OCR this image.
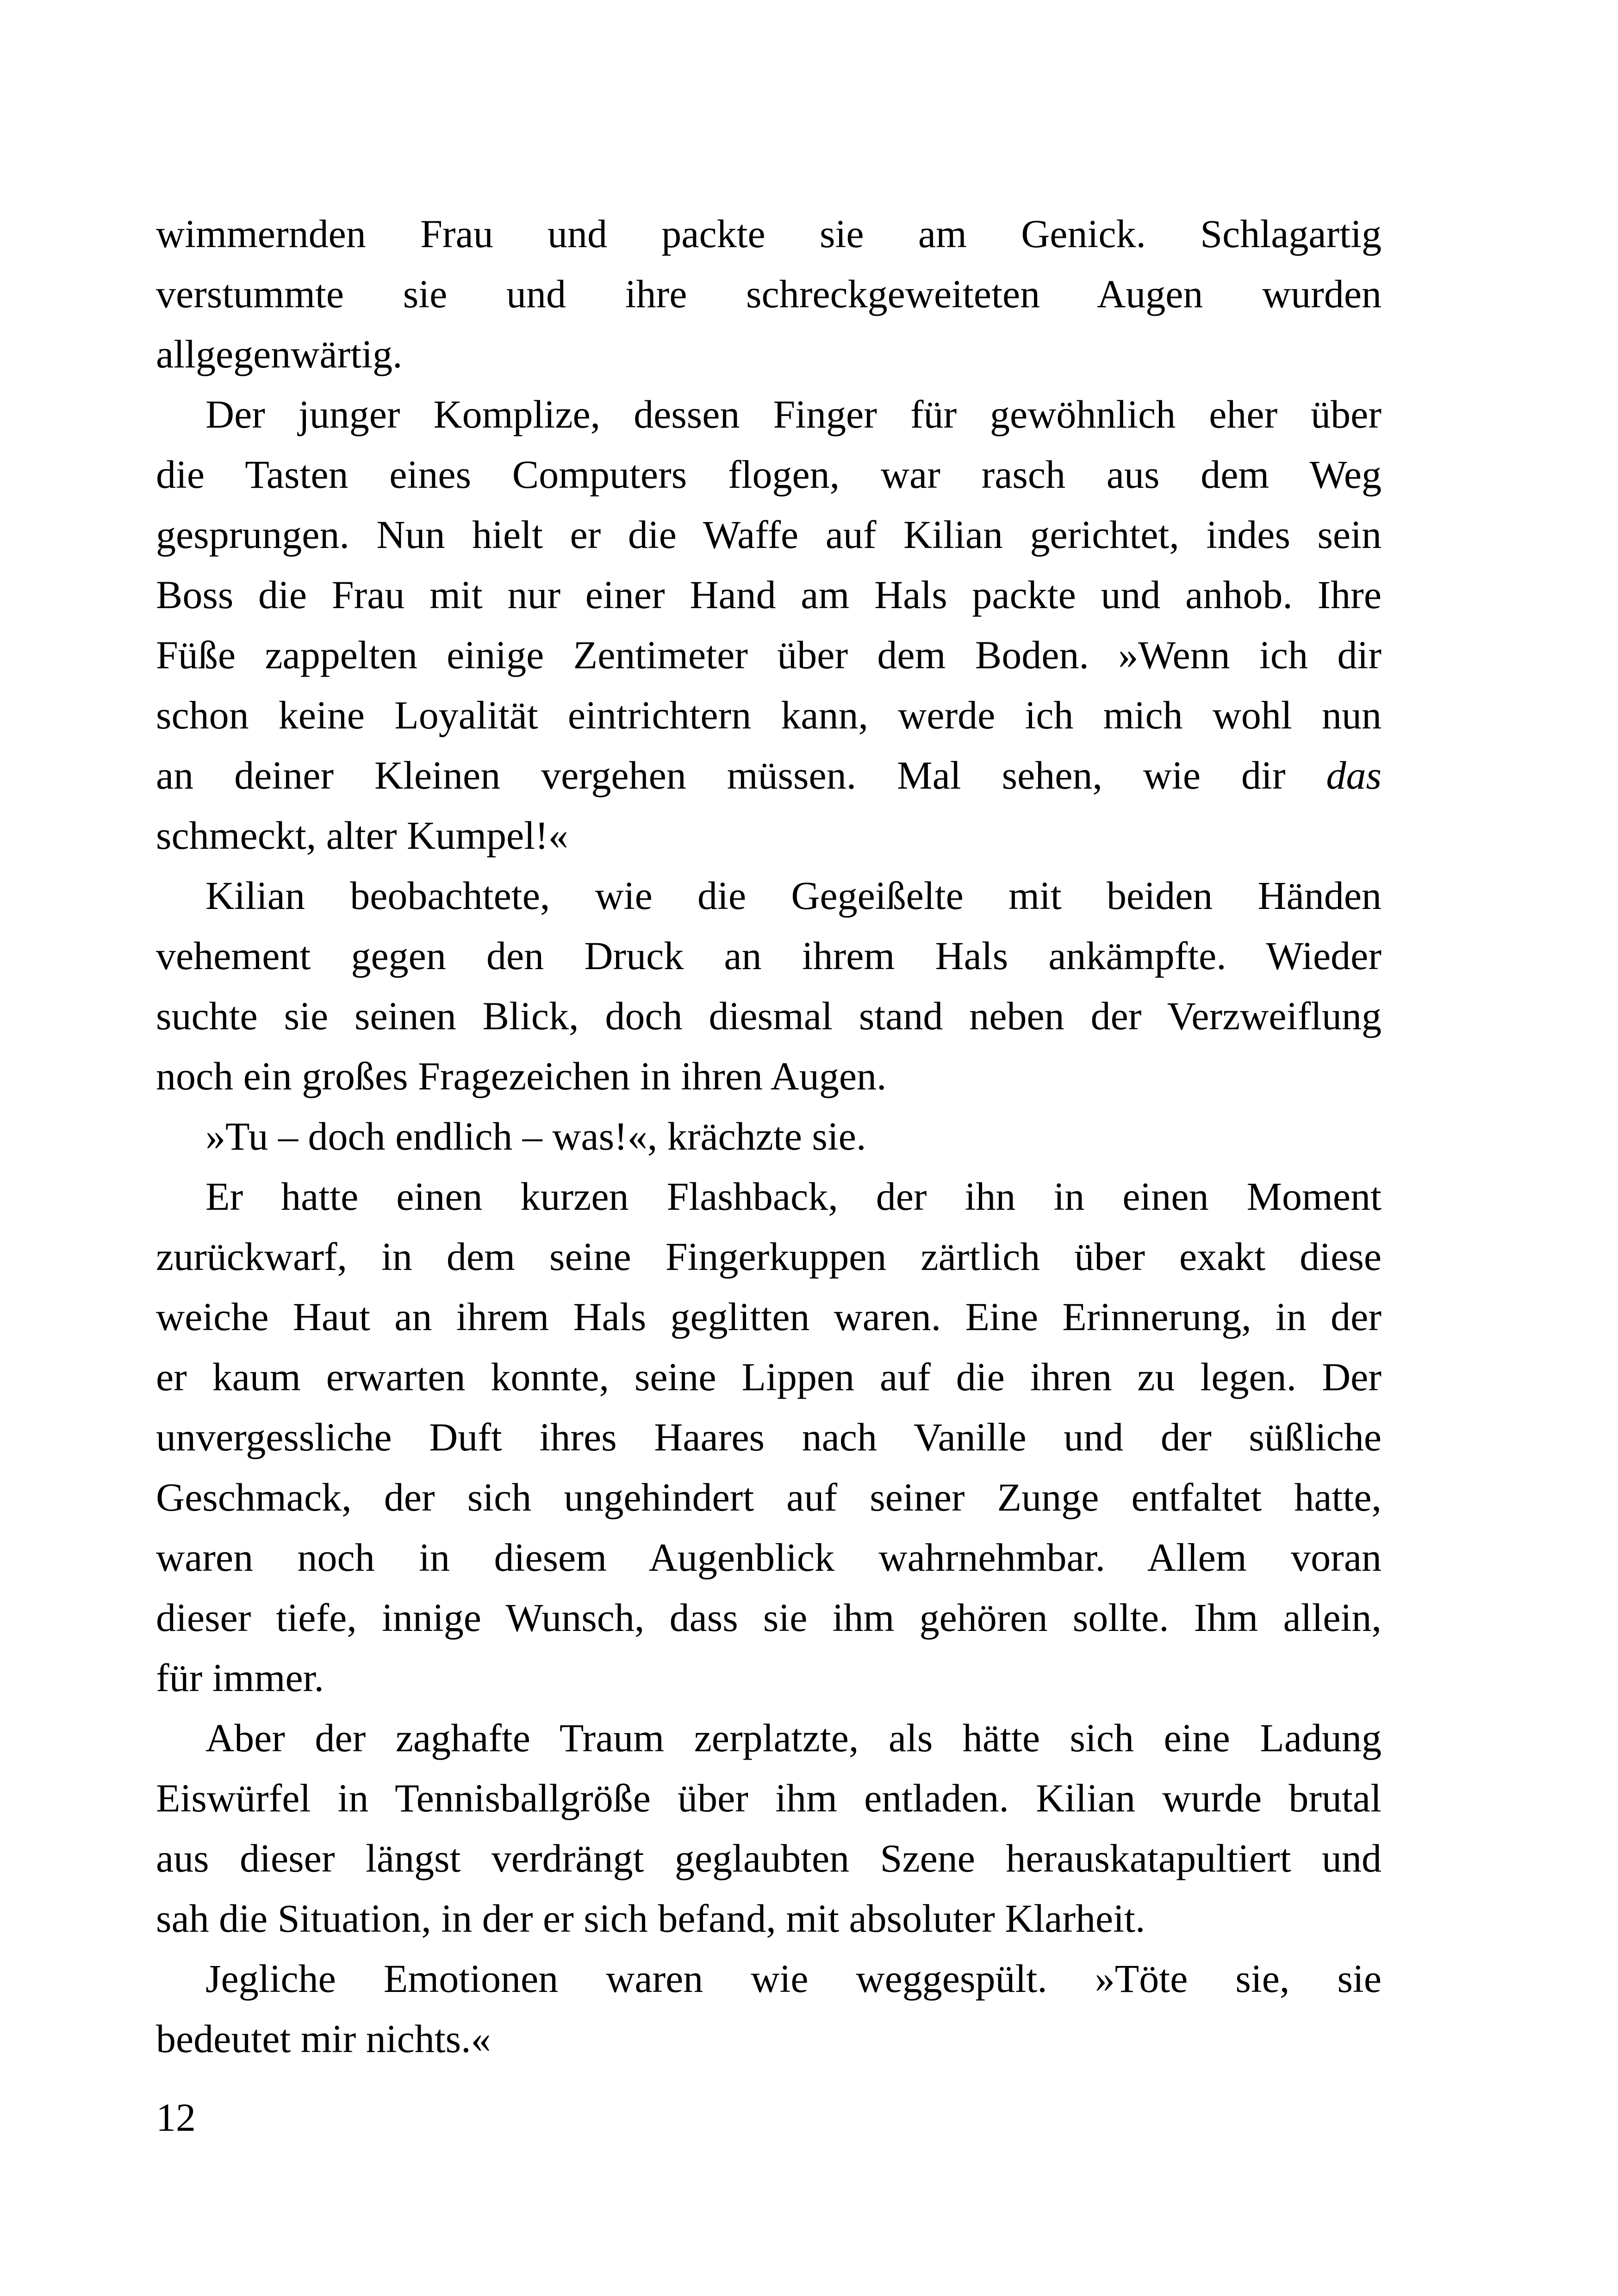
wimmernden Frau und packte sie am Genick. Schlagartig
verstummte sie und ihre schreckgeweiteten Augen wurden
allgegenwärtig.
Der junger Komplize, dessen Finger für gewöhnlich eher über
die Tasten eines Computers flogen, war rasch aus dem Weg
gesprungen. Nun hielt er die Waffe auf Kilian gerichtet, indes sein
Boss die Frau mit nur einer Hand am Hals packte und anhob. Ihre
Füße zappelten einige Zentimeter über dem Boden. »Wenn ich dir
schon keine Loyalität eintrichtern kann, werde ich mich wohl nun
an deiner Kleinen vergehen müssen. Mal sehen, wie dir das
schmeckt, alter Kumpel!«
Kilian beobachtete, wie die Gegeißelte mit beiden Händen
vehement gegen den Druck an ihrem Hals ankämpfte. Wieder
suchte sie seinen Blick, doch diesmal stand neben der Verzweiflung
noch ein großes Fragezeichen in ihren Augen.
»Tu – doch endlich – was!«, krächzte sie.
Er hatte einen kurzen Flashback, der ihn in einen Moment
zurückwarf, in dem seine Fingerkuppen zärtlich über exakt diese
weiche Haut an ihrem Hals geglitten waren. Eine Erinnerung, in der
er kaum erwarten konnte, seine Lippen auf die ihren zu legen. Der
unvergessliche Duft ihres Haares nach Vanille und der süßliche
Geschmack, der sich ungehindert auf seiner Zunge entfaltet hatte,
waren noch in diesem Augenblick wahrnehmbar. Allem voran
dieser tiefe, innige Wunsch, dass sie ihm gehören sollte. Ihm allein,
für immer.
Aber der zaghafte Traum zerplatzte, als hätte sich eine Ladung
Eiswürfel in Tennisballgröße über ihm entladen. Kilian wurde brutal
aus dieser längst verdrängt geglaubten Szene herauskatapultiert und
sah die Situation, in der er sich befand, mit absoluter Klarheit.
Jegliche Emotionen waren wie weggespült. »Töte sie, sie
bedeutet mir nichts.«
12
